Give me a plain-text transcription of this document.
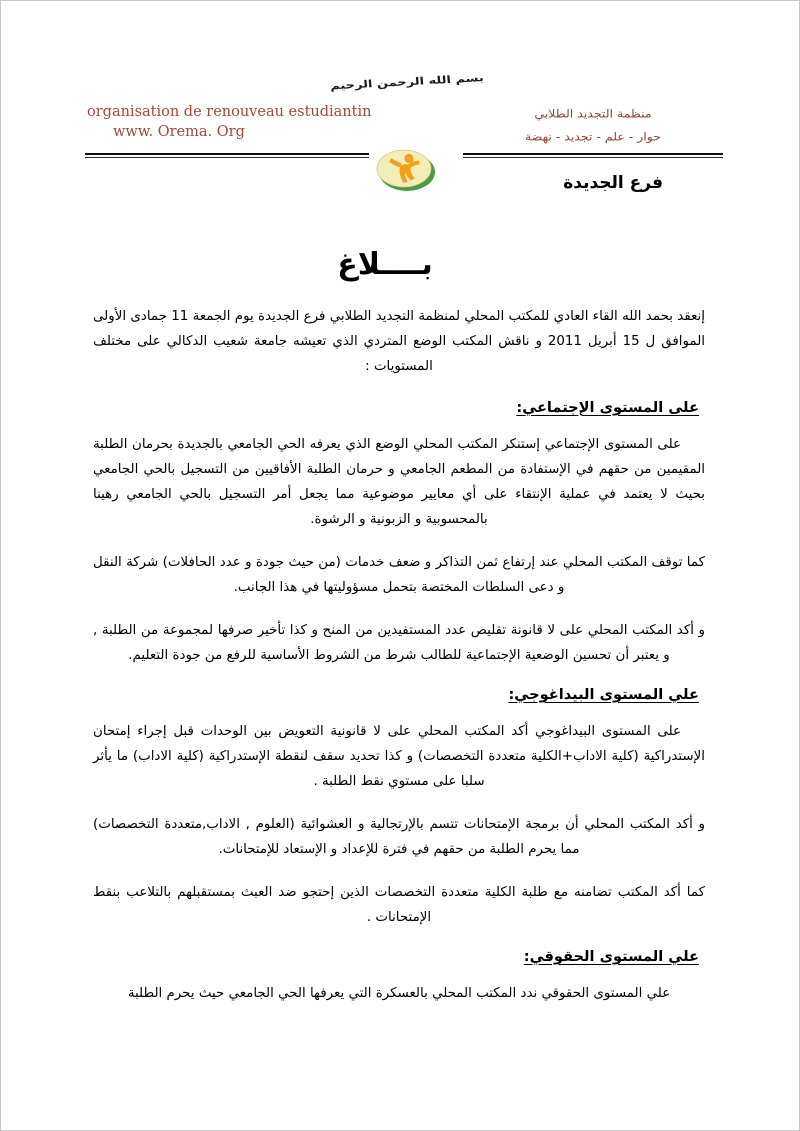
بسم الله الرحمن الرحيم
organisation de renouveau estudiantin
www. Orema. Org
منظمة التجديد الطلابي
حوار - علم - تجديد - نهضة
فرع الجديدة
بــــلاغ

إنعقد بحمد الله القاء العادي للمكتب المحلي لمنظمة التجديد الطلابي فرع الجديدة يوم الجمعة 11 جمادى الأولى الموافق ل 15 أبريل 2011 و ناقش المكتب الوضع المتردي الذي تعيشه جامعة شعيب الدكالي على مختلف المستويات :

على المستوى الإجتماعي:

على المستوى الإجتماعي إستنكر المكتب المحلي الوضع الذي يعرفه الحي الجامعي بالجديدة بحرمان الطلبة المقيمين من حقهم في الإستفادة من المطعم الجامعي و حرمان الطلبة الأفاقيين من التسجيل بالحي الجامعي بحيث لا يعتمد في عملية الإنتقاء على أي معايير موضوعية مما يجعل أمر التسجيل بالحي الجامعي رهينا بالمحسوبية و الزبونية و الرشوة.

كما توقف المكتب المحلي عند إرتفاع ثمن التذاكر و ضعف خدمات (من حيث جودة و عدد الحافلات) شركة النقل و دعى السلطات المختصة بتحمل مسؤوليتها في هذا الجانب.

و أكد المكتب المحلي على لا قانونة تقليص عدد المستفيدين من المنح و كذا تأخير صرفها لمجموعة من الطلبة , و يعتبر أن تحسين الوضعية الإجتماعية للطالب شرط من الشروط الأساسية للرفع من جودة التعليم.

علي المستوى البيداغوجي:

على المستوى البيداغوجي أكد المكتب المحلي على لا قانونية التعويض بين الوحدات قبل إجراء إمتحان الإستدراكية (كلية الاداب+الكلية متعددة التخصصات) و كذا تحديد سقف لنقطة الإستدراكية (كلية الاداب) ما يأثر سلبا على مستوي نقط الطلبة .

و أكد المكتب المحلي أن برمجة الإمتحانات تتسم بالإرتجالية و العشوائية (العلوم , الاداب,متعددة التخصصات) مما يحرم الطلبة من حقهم في فترة للإعداد و الإستعاد للإمتحانات.

كما أكد المكتب تضامنه مع طلبة الكلية متعددة التخصصات الذين إحتجو ضد العبث بمستقبلهم بالتلاعب بنقط الإمتحانات .

علي المستوى الحقوقي:

علي المستوى الحقوقي ندد المكتب المحلي بالعسكرة التي يعرفها الحي الجامعي حيث يحرم الطلبة
